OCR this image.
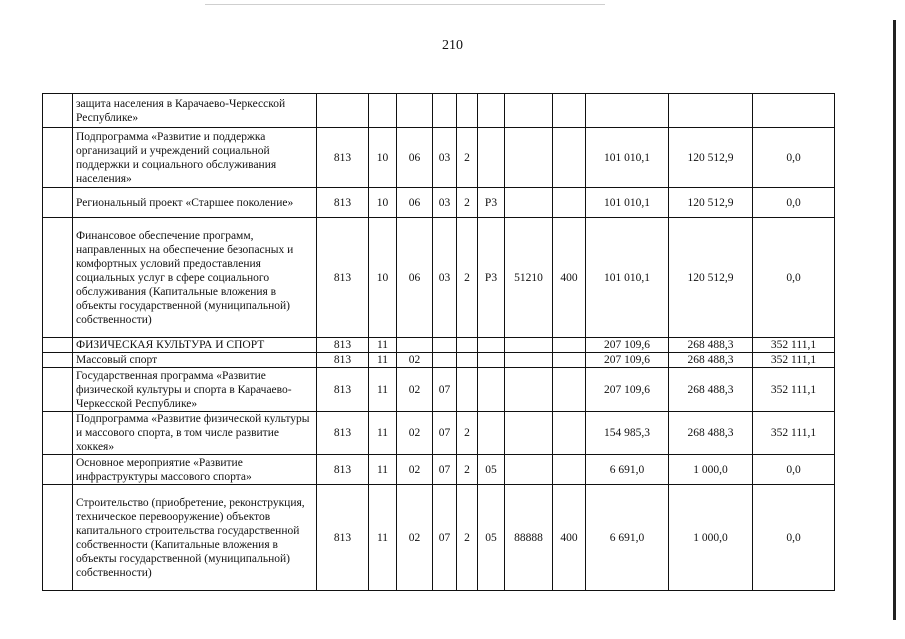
210
	защита населения в Карачаево-Черкесской Республике»											
	Подпрограмма «Развитие и поддержка организаций и учреждений социальной поддержки и социального обслуживания населения»	813	10	06	03	2				101 010,1	120 512,9	0,0
	Региональный проект «Старшее поколение»	813	10	06	03	2	Р3			101 010,1	120 512,9	0,0
	Финансовое обеспечение программ, направленных на обеспечение безопасных и комфортных условий предоставления социальных услуг в сфере социального обслуживания (Капитальные вложения в объекты государственной (муниципальной) собственности)	813	10	06	03	2	Р3	51210	400	101 010,1	120 512,9	0,0
	ФИЗИЧЕСКАЯ КУЛЬТУРА И СПОРТ	813	11							207 109,6	268 488,3	352 111,1
	Массовый спорт	813	11	02						207 109,6	268 488,3	352 111,1
	Государственная программа «Развитие физической культуры и спорта в Карачаево-Черкесской Республике»	813	11	02	07					207 109,6	268 488,3	352 111,1
	Подпрограмма «Развитие физической культуры и массового спорта, в том числе развитие хоккея»	813	11	02	07	2				154 985,3	268 488,3	352 111,1
	Основное мероприятие «Развитие инфраструктуры массового спорта»	813	11	02	07	2	05			6 691,0	1 000,0	0,0
	Строительство (приобретение, реконструкция, техническое перевооружение) объектов капитального строительства государственной собственности (Капитальные вложения в объекты государственной (муниципальной) собственности)	813	11	02	07	2	05	88888	400	6 691,0	1 000,0	0,0
